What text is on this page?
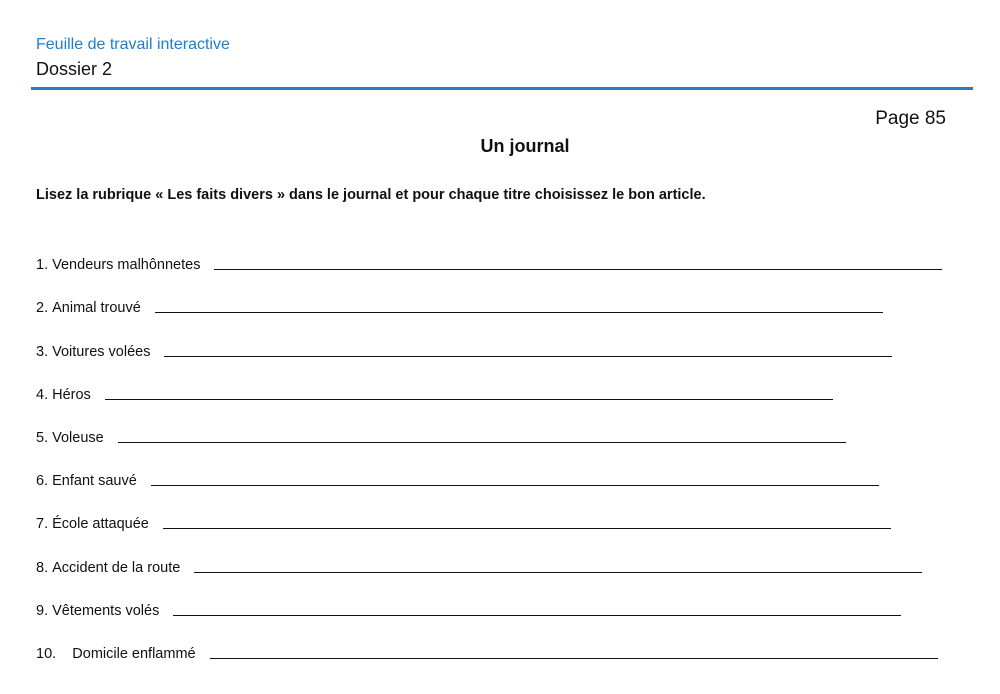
Feuille de travail interactive
Dossier 2
Page 85
Un journal
Lisez la rubrique « Les faits divers » dans le journal et pour chaque titre choisissez le bon article.
1.
Vendeurs malhônnetes
2.
Animal trouvé
3.
Voitures volées
4.
Héros
5.
Voleuse
6.
Enfant sauvé
7.
École attaquée
8.
Accident de la route
9.
Vêtements volés
10.
Domicile enflammé
